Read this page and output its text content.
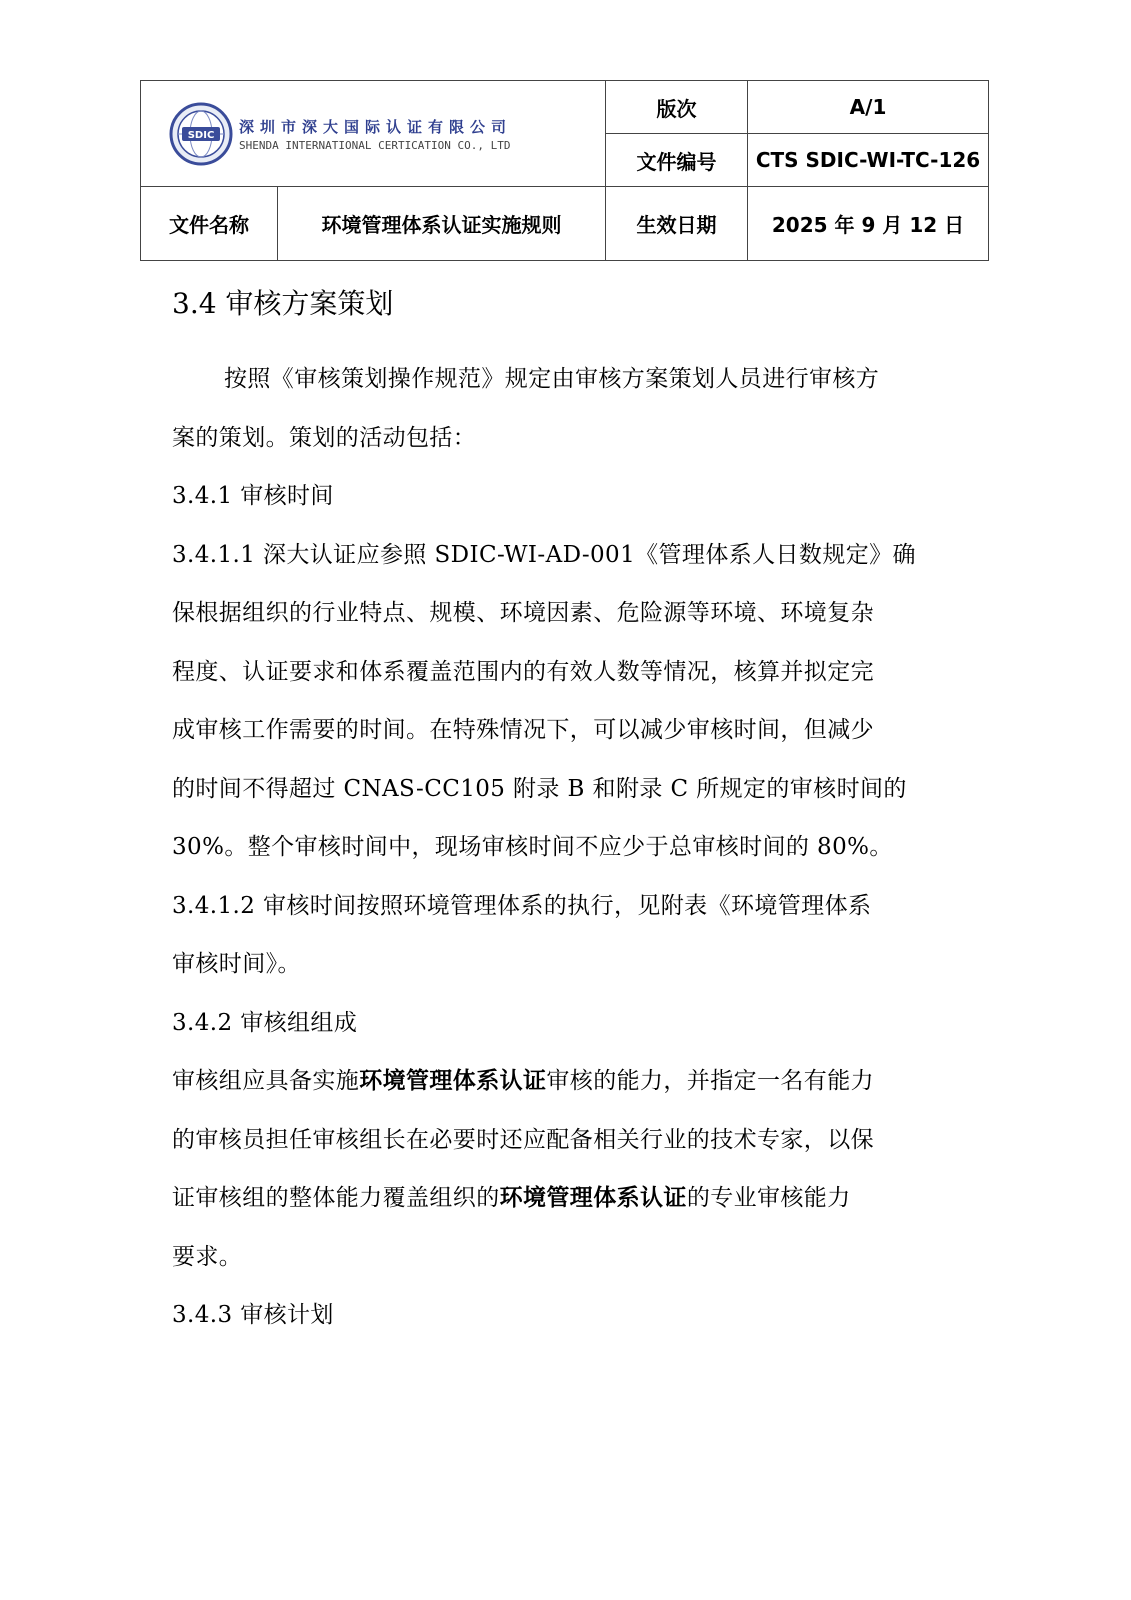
SDIC 深圳市深大国际认证有限公司
SHENDA INTERNATIONAL CERTICATION CO., LTD		版次	A/1
		文件编号	CTS SDIC-WI-TC-126
文件名称	环境管理体系认证实施规则	生效日期	2025 年 9 月 12 日
3.4 审核方案策划

按照《审核策划操作规范》规定由审核方案策划人员进行审核方

案的策划。策划的活动包括：

3.4.1 审核时间

3.4.1.1 深大认证应参照 SDIC-WI-AD-001《管理体系人日数规定》确

保根据组织的行业特点、规模、环境因素、危险源等环境、环境复杂

程度、认证要求和体系覆盖范围内的有效人数等情况，核算并拟定完

成审核工作需要的时间。在特殊情况下，可以减少审核时间，但减少

的时间不得超过 CNAS-CC105 附录 B 和附录 C 所规定的审核时间的

30%。整个审核时间中，现场审核时间不应少于总审核时间的 80%。

3.4.1.2 审核时间按照环境管理体系的执行，见附表《环境管理体系

审核时间》。

3.4.2 审核组组成

审核组应具备实施环境管理体系认证审核的能力，并指定一名有能力

的审核员担任审核组长在必要时还应配备相关行业的技术专家，以保

证审核组的整体能力覆盖组织的环境管理体系认证的专业审核能力

要求。

3.4.3 审核计划
